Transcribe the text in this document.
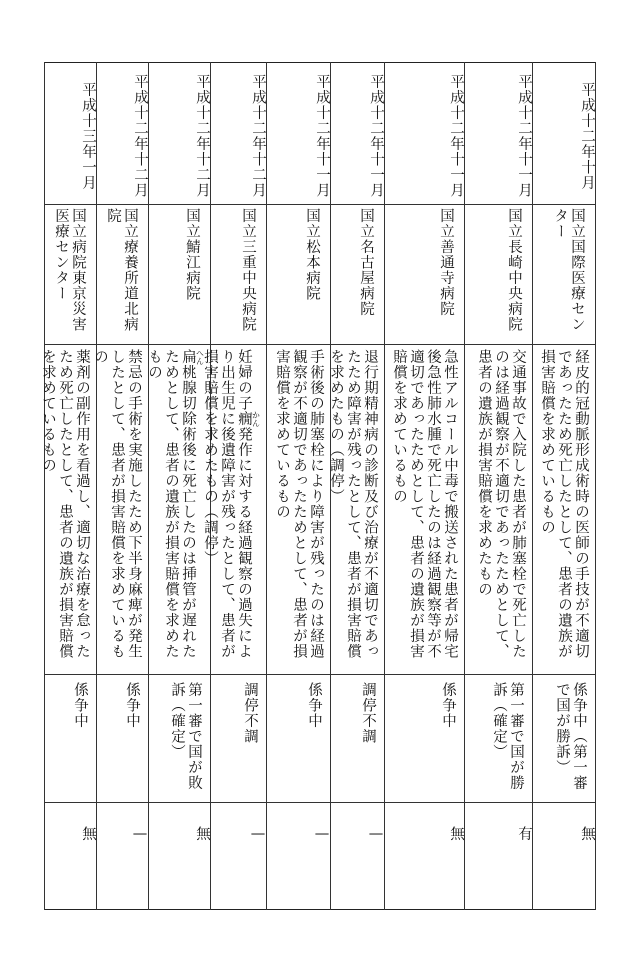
平成十二年十月
国立国際医療センター
経皮的冠動脈形成術時の医師の手技が不適切であったため死亡したとして、患者の遺族が損害賠償を求めているもの
係争中（第一審で国が勝訴）
無
平成十二年十一月
国立長崎中央病院
交通事故で入院した患者が肺塞栓で死亡したのは経過観察が不適切であったためとして、患者の遺族が損害賠償を求めたもの
第一審で国が勝訴（確定）
有
平成十二年十一月
国立善通寺病院
急性アルコール中毒で搬送された患者が帰宅後急性肺水腫で死亡したのは経過観察等が不適切であったためとして、患者の遺族が損害賠償を求めているもの
係争中
無
平成十二年十一月
国立名古屋病院
退行期精神病の診断及び治療が不適切であったため障害が残ったとして、患者が損害賠償を求めたもの（調停）
調停不調
—
平成十二年十一月
国立松本病院
手術後の肺塞栓により障害が残ったのは経過観察が不適切であったためとして、患者が損害賠償を求めているもの
係争中
—
平成十二年十二月
国立三重中央病院
妊婦の子癇 かん発作に対する経過観察の過失により出生児に後遺障害が残ったとして、患者が損害賠償を求めたもの（調停）
調停不調
—
平成十二年十二月
国立鯖江病院
扁 へん桃腺切除術後に死亡したのは挿管が遅れたためとして、患者の遺族が損害賠償を求めたもの
第一審で国が敗訴（確定）
無
平成十二年十二月
国立療養所道北病院
禁忌の手術を実施したため下半身麻痺が発生したとして、患者が損害賠償を求めているもの
係争中
—
平成十三年一月
国立病院東京災害医療センター
薬剤の副作用を看過し、適切な治療を怠ったため死亡したとして、患者の遺族が損害賠償を求めているもの
係争中
無
